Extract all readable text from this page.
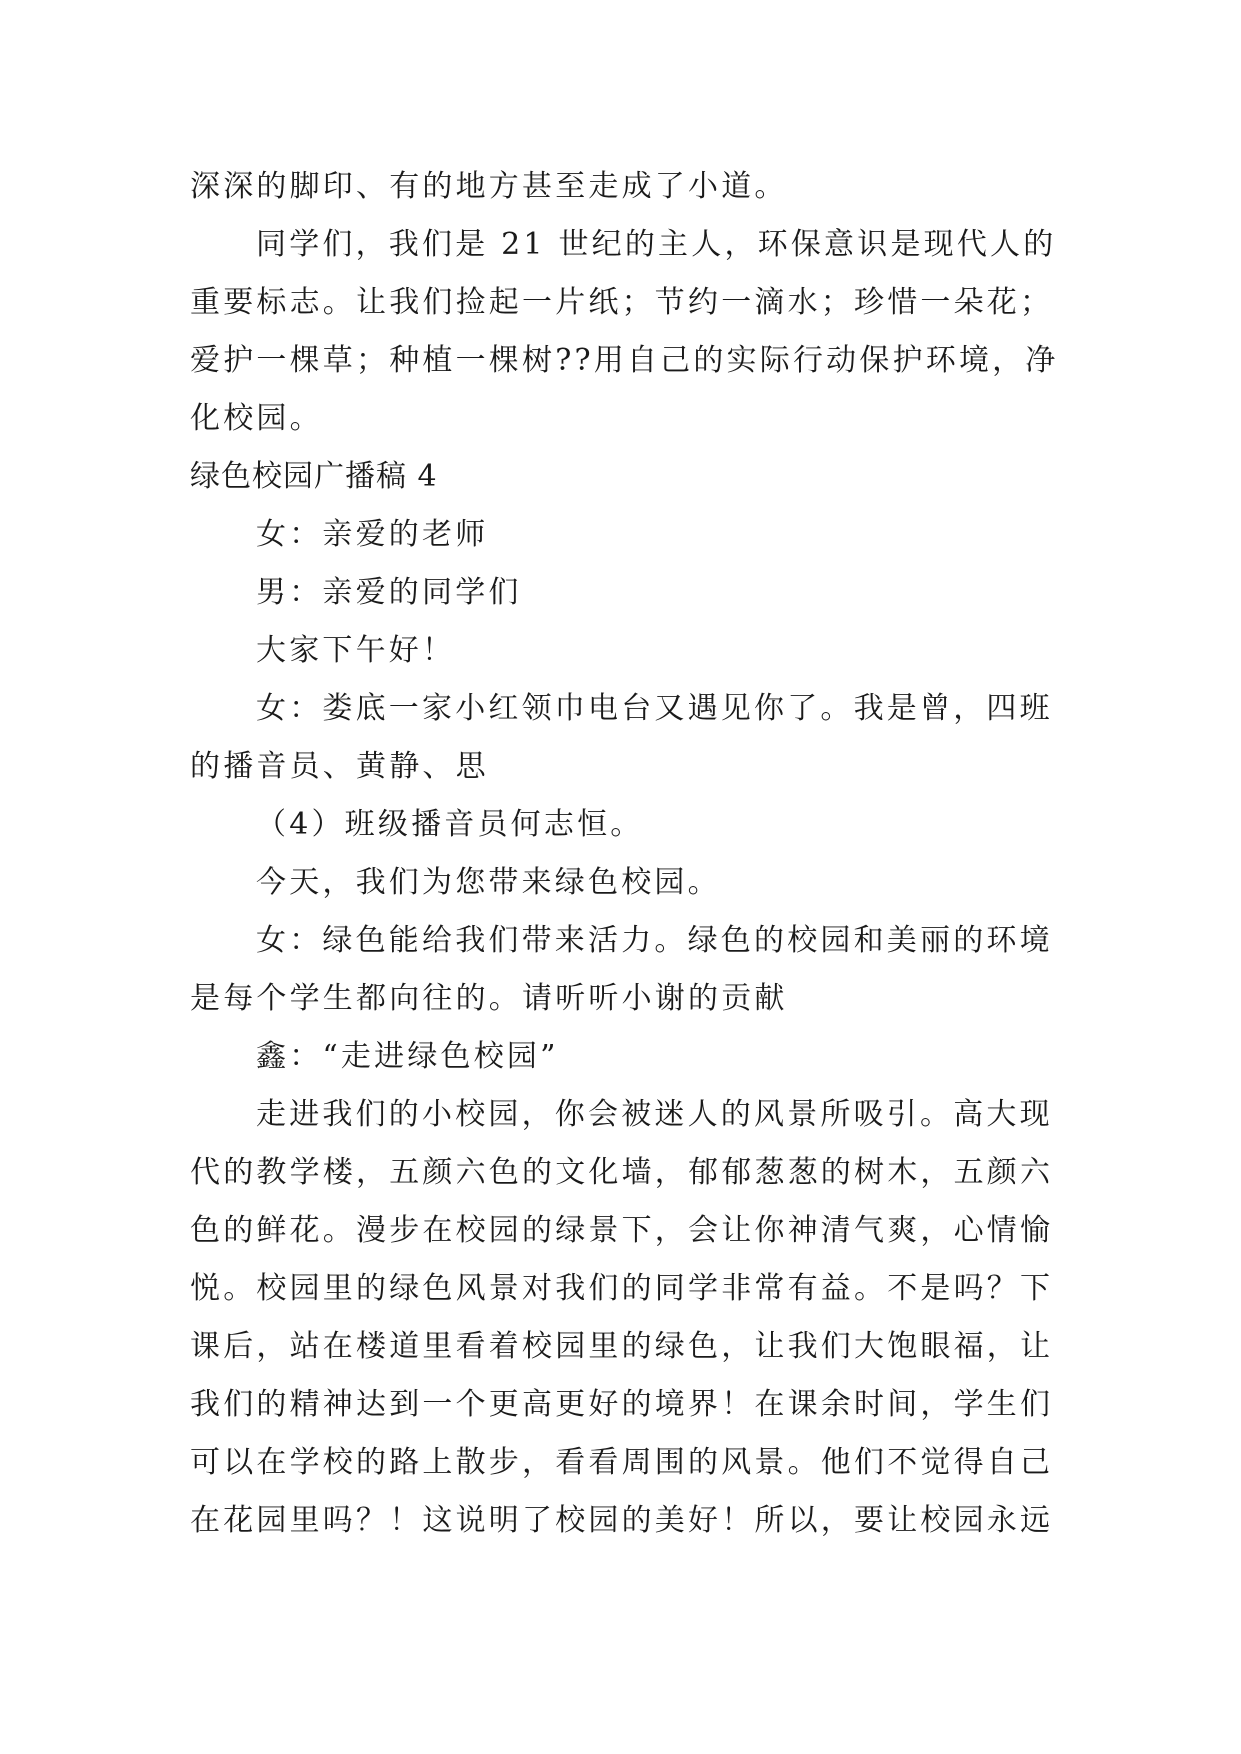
深深的脚印、有的地方甚至走成了小道。
同学们，我们是 21 世纪的主人，环保意识是现代人的
重要标志。让我们捡起一片纸；节约一滴水；珍惜一朵花；
爱护一棵草；种植一棵树??用自己的实际行动保护环境，净
化校园。
绿色校园广播稿 4
女：亲爱的老师
男：亲爱的同学们
大家下午好！
女：娄底一家小红领巾电台又遇见你了。我是曾，四班
的播音员、黄静、思
（4）班级播音员何志恒。
今天，我们为您带来绿色校园。
女：绿色能给我们带来活力。绿色的校园和美丽的环境
是每个学生都向往的。请听听小谢的贡献
鑫：“走进绿色校园”
走进我们的小校园，你会被迷人的风景所吸引。高大现
代的教学楼，五颜六色的文化墙，郁郁葱葱的树木，五颜六
色的鲜花。漫步在校园的绿景下，会让你神清气爽，心情愉
悦。校园里的绿色风景对我们的同学非常有益。不是吗？下
课后，站在楼道里看着校园里的绿色，让我们大饱眼福，让
我们的精神达到一个更高更好的境界！在课余时间，学生们
可以在学校的路上散步，看看周围的风景。他们不觉得自己
在花园里吗？！这说明了校园的美好！所以，要让校园永远
